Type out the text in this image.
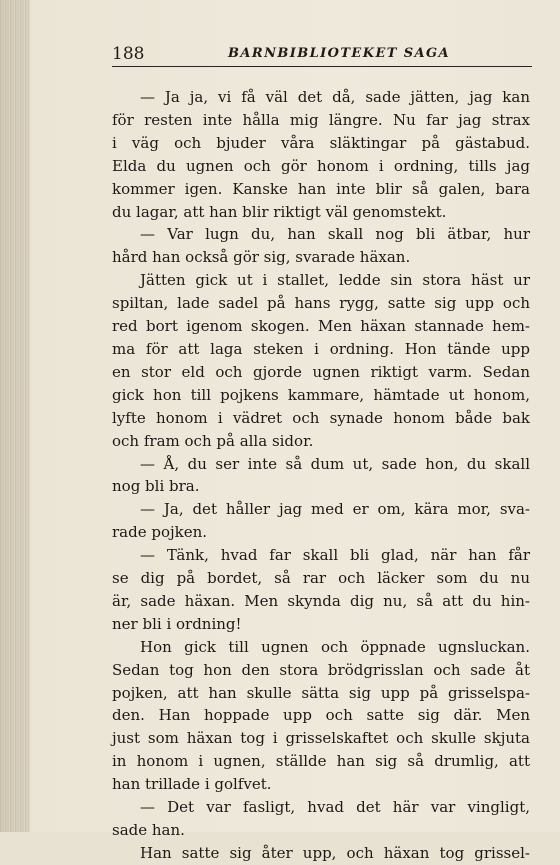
188	BARNBIBLIOTEKET SAGA
— Ja ja, vi få väl det då, sade jätten, jag kan
för resten inte hålla mig längre. Nu far jag strax
i väg och bjuder våra släktingar på gästabud.
Elda du ugnen och gör honom i ordning, tills jag
kommer igen. Kanske han inte blir så galen, bara
du lagar, att han blir riktigt väl genomstekt.
— Var lugn du, han skall nog bli ätbar, hur
hård han också gör sig, svarade häxan.
Jätten gick ut i stallet, ledde sin stora häst ur
spiltan, lade sadel på hans rygg, satte sig upp och
red bort igenom skogen. Men häxan stannade hem-
ma för att laga steken i ordning. Hon tände upp
en stor eld och gjorde ugnen riktigt varm. Sedan
gick hon till pojkens kammare, hämtade ut honom,
lyfte honom i vädret och synade honom både bak
och fram och på alla sidor.
— Å, du ser inte så dum ut, sade hon, du skall
nog bli bra.
— Ja, det håller jag med er om, kära mor, sva-
rade pojken.
— Tänk, hvad far skall bli glad, när han får
se dig på bordet, så rar och läcker som du nu
är, sade häxan. Men skynda dig nu, så att du hin-
ner bli i ordning!
Hon gick till ugnen och öppnade ugnsluckan.
Sedan tog hon den stora brödgrisslan och sade åt
pojken, att han skulle sätta sig upp på grisselspa-
den. Han hoppade upp och satte sig där. Men
just som häxan tog i grisselskaftet och skulle skjuta
in honom i ugnen, ställde han sig så drumlig, att
han trillade i golfvet.
— Det var fasligt, hvad det här var vingligt,
sade han.
Han satte sig åter upp, och häxan tog grissel-
